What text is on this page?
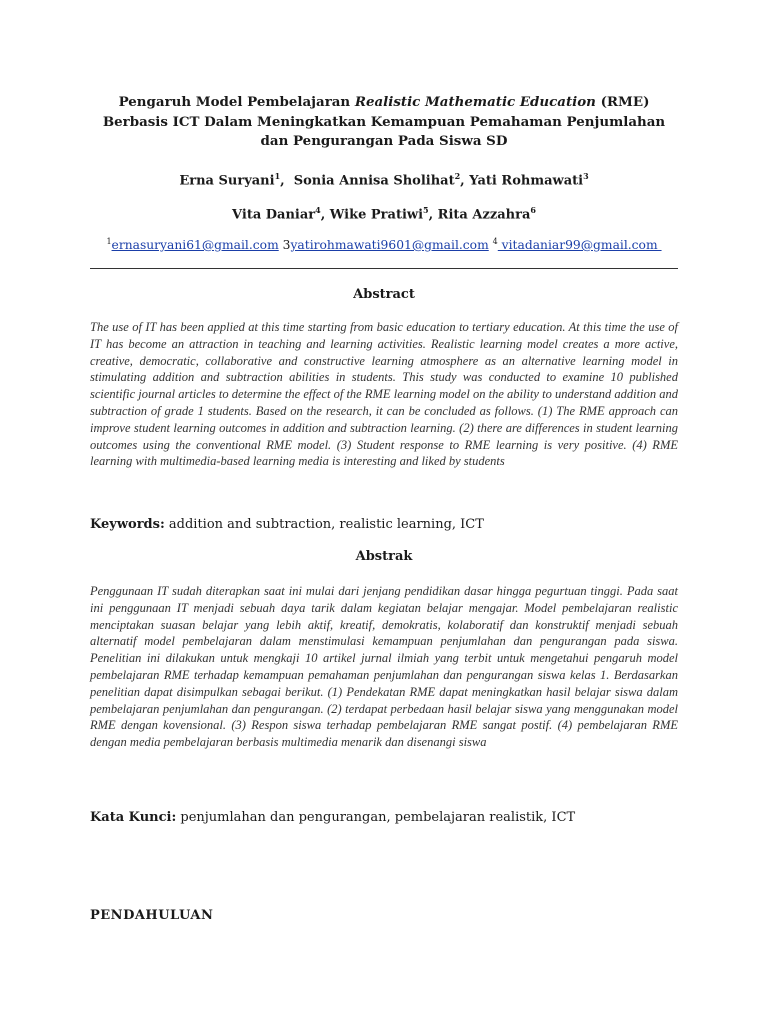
Pengaruh Model Pembelajaran Realistic Mathematic Education (RME) Berbasis ICT Dalam Meningkatkan Kemampuan Pemahaman Penjumlahan dan Pengurangan Pada Siswa SD
Erna Suryani$^1$,  Sonia Annisa Sholihat$^2$, Yati Rohmawati$^3$
Vita Daniar$^4$, Wike Pratiwi$^5$, Rita Azzahra$^6$
$^1$ernasuryani61@gmail.com 3yatirohmawati9601@gmail.com $^4$ vitadaniar99@gmail.com
Abstract

The use of IT has been applied at this time starting from basic education to tertiary education. At this time the use of IT has become an attraction in teaching and learning activities. Realistic learning model creates a more active, creative, democratic, collaborative and constructive learning atmosphere as an alternative learning model in stimulating addition and subtraction abilities in students. This study was conducted to examine 10 published scientific journal articles to determine the effect of the RME learning model on the ability to understand addition and subtraction of grade 1 students. Based on the research, it can be concluded as follows. (1) The RME approach can improve student learning outcomes in addition and subtraction learning. (2) there are differences in student learning outcomes using the conventional RME model. (3) Student response to RME learning is very positive. (4) RME learning with multimedia-based learning media is interesting and liked by students

Keywords: addition and subtraction, realistic learning, ICT
Abstrak

Penggunaan IT sudah diterapkan saat ini mulai dari jenjang pendidikan dasar hingga pegurtuan tinggi. Pada saat ini penggunaan IT menjadi sebuah daya tarik dalam kegiatan belajar mengajar. Model pembelajaran realistic menciptakan suasan belajar yang lebih aktif, kreatif, demokratis, kolaboratif dan konstruktif menjadi sebuah alternatif model pembelajaran dalam menstimulasi kemampuan penjumlahan dan pengurangan pada siswa. Penelitian ini dilakukan untuk mengkaji 10 artikel jurnal ilmiah yang terbit untuk mengetahui pengaruh model pembelajaran RME terhadap kemampuan pemahaman penjumlahan dan pengurangan siswa kelas 1. Berdasarkan penelitian dapat disimpulkan sebagai berikut. (1) Pendekatan RME dapat meningkatkan hasil belajar siswa dalam pembelajaran penjumlahan dan pengurangan. (2) terdapat perbedaan hasil belajar siswa yang menggunakan model RME dengan kovensional. (3) Respon siswa terhadap pembelajaran RME sangat postif. (4) pembelajaran RME dengan media pembelajaran berbasis multimedia menarik dan disenangi siswa

Kata Kunci: penjumlahan dan pengurangan, pembelajaran realistik, ICT
PENDAHULUAN
